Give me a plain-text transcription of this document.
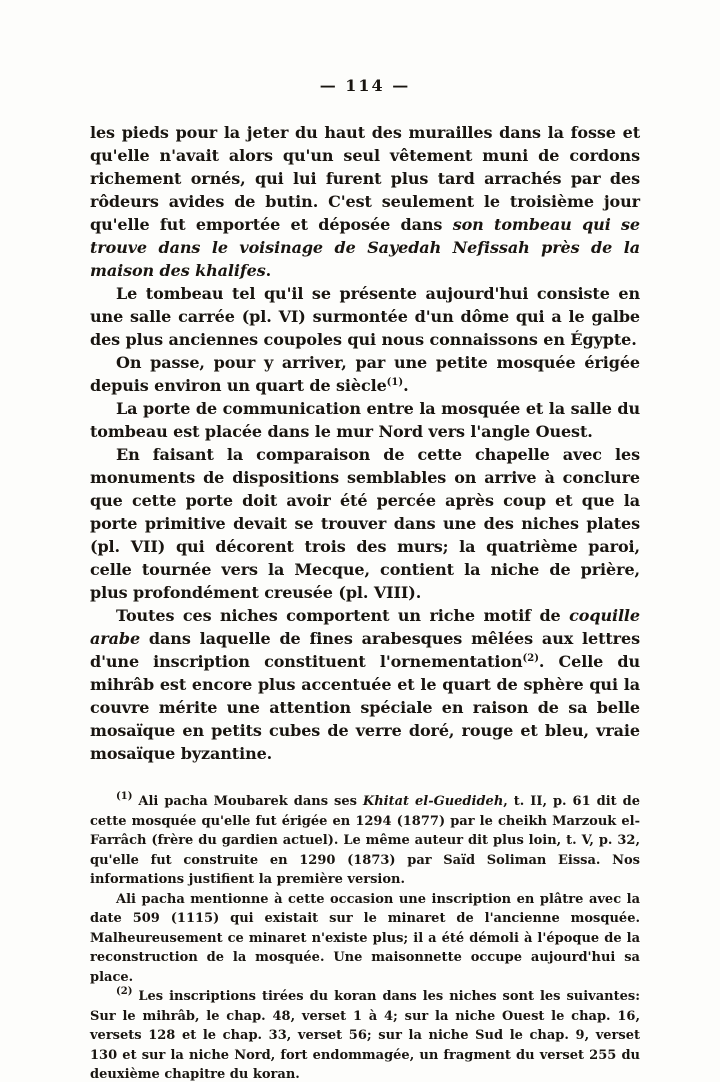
— 114 —

les pieds pour la jeter du haut des murailles dans la fosse et qu'elle n'avait alors qu'un seul vêtement muni de cordons richement ornés, qui lui furent plus tard arrachés par des rôdeurs avides de butin. C'est seulement le troisième jour qu'elle fut emportée et déposée dans son tombeau qui se trouve dans le voisinage de Sayedah Nefissah près de la maison des khalifes.

Le tombeau tel qu'il se présente aujourd'hui consiste en une salle carrée (pl. VI) surmontée d'un dôme qui a le galbe des plus anciennes coupoles qui nous connaissons en Égypte.

On passe, pour y arriver, par une petite mosquée érigée depuis environ un quart de siècle$^{(1)}$.

La porte de communication entre la mosquée et la salle du tombeau est placée dans le mur Nord vers l'angle Ouest.

En faisant la comparaison de cette chapelle avec les monuments de dispositions semblables on arrive à conclure que cette porte doit avoir été percée après coup et que la porte primitive devait se trouver dans une des niches plates (pl. VII) qui décorent trois des murs; la quatrième paroi, celle tournée vers la Mecque, contient la niche de prière, plus profondément creusée (pl. VIII).

Toutes ces niches comportent un riche motif de coquille arabe dans laquelle de fines arabesques mêlées aux lettres d'une inscription constituent l'ornementation$^{(2)}$. Celle du mihrâb est encore plus accentuée et le quart de sphère qui la couvre mérite une attention spéciale en raison de sa belle mosaïque en petits cubes de verre doré, rouge et bleu, vraie mosaïque byzantine.

$^{(1)}$ Ali pacha Moubarek dans ses Khitat el-Guedideh, t. II, p. 61 dit de cette mosquée qu'elle fut érigée en 1294 (1877) par le cheikh Marzouk el-Farrâch (frère du gardien actuel). Le même auteur dit plus loin, t. V, p. 32, qu'elle fut construite en 1290 (1873) par Saïd Soliman Eissa. Nos informations justifient la première version.

Ali pacha mentionne à cette occasion une inscription en plâtre avec la date 509 (1115) qui existait sur le minaret de l'ancienne mosquée. Malheureusement ce minaret n'existe plus; il a été démoli à l'époque de la reconstruction de la mosquée. Une maisonnette occupe aujourd'hui sa place.

$^{(2)}$ Les inscriptions tirées du koran dans les niches sont les suivantes: Sur le mihrâb, le chap. 48, verset 1 à 4; sur la niche Ouest le chap. 16, versets 128 et le chap. 33, verset 56; sur la niche Sud le chap. 9, verset 130 et sur la niche Nord, fort endommagée, un fragment du verset 255 du deuxième chapitre du koran.
